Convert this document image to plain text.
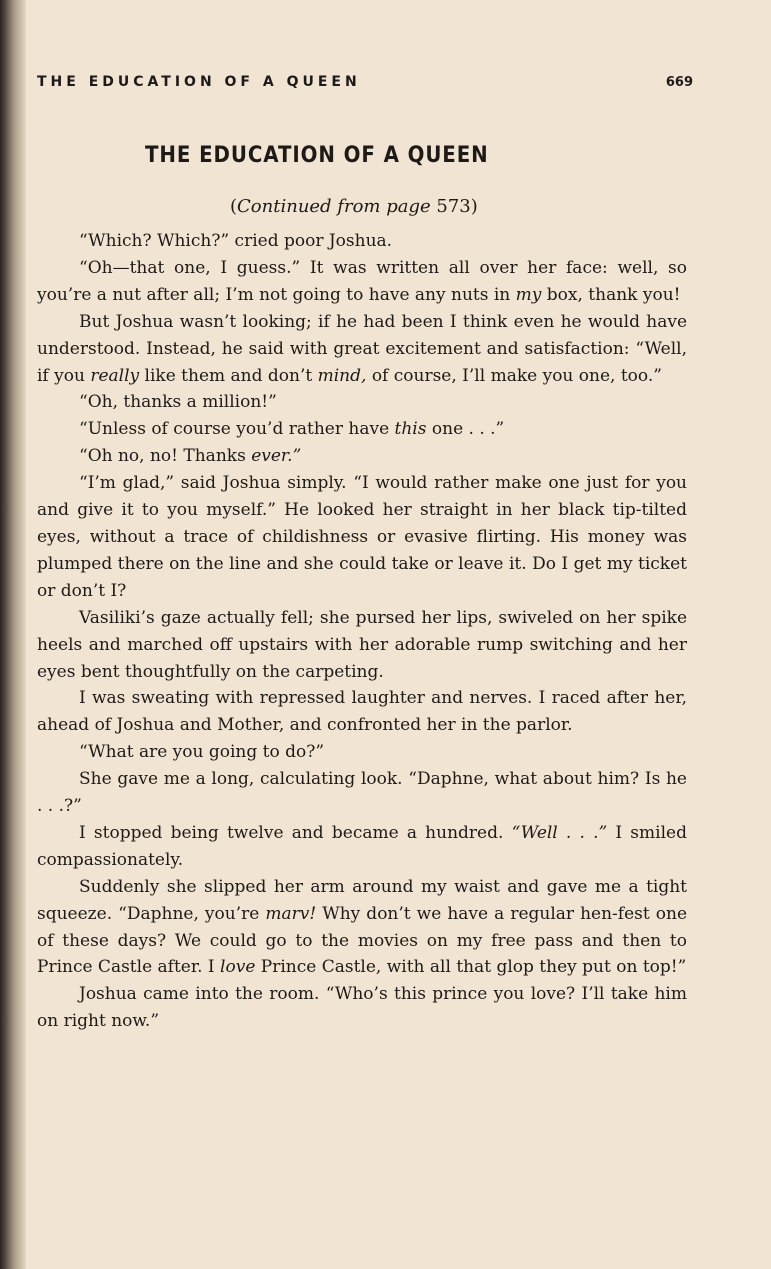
THE EDUCATION OF A QUEEN	669
THE EDUCATION OF A QUEEN
(Continued from page 573)

“Which? Which?” cried poor Joshua.

“Oh—that one, I guess.” It was written all over her face: well, so you’re a nut after all; I’m not going to have any nuts in my box, thank you!

But Joshua wasn’t looking; if he had been I think even he would have understood. Instead, he said with great excitement and satisfaction: “Well, if you really like them and don’t mind, of course, I’ll make you one, too.”

“Oh, thanks a million!”

“Unless of course you’d rather have this one . . .”

“Oh no, no! Thanks ever.”

“I’m glad,” said Joshua simply. “I would rather make one just for you and give it to you myself.” He looked her straight in her black tip-tilted eyes, without a trace of childishness or evasive flirting. His money was plumped there on the line and she could take or leave it. Do I get my ticket or don’t I?

Vasiliki’s gaze actually fell; she pursed her lips, swiveled on her spike heels and marched off upstairs with her adorable rump switching and her eyes bent thoughtfully on the carpeting.

I was sweating with repressed laughter and nerves. I raced after her, ahead of Joshua and Mother, and confronted her in the parlor.

“What are you going to do?”

She gave me a long, calculating look. “Daphne, what about him? Is he . . .?”

I stopped being twelve and became a hundred. “Well . . .” I smiled compassionately.

Suddenly she slipped her arm around my waist and gave me a tight squeeze. “Daphne, you’re marv! Why don’t we have a regular hen-fest one of these days? We could go to the movies on my free pass and then to Prince Castle after. I love Prince Castle, with all that glop they put on top!”

Joshua came into the room. “Who’s this prince you love? I’ll take him on right now.”
